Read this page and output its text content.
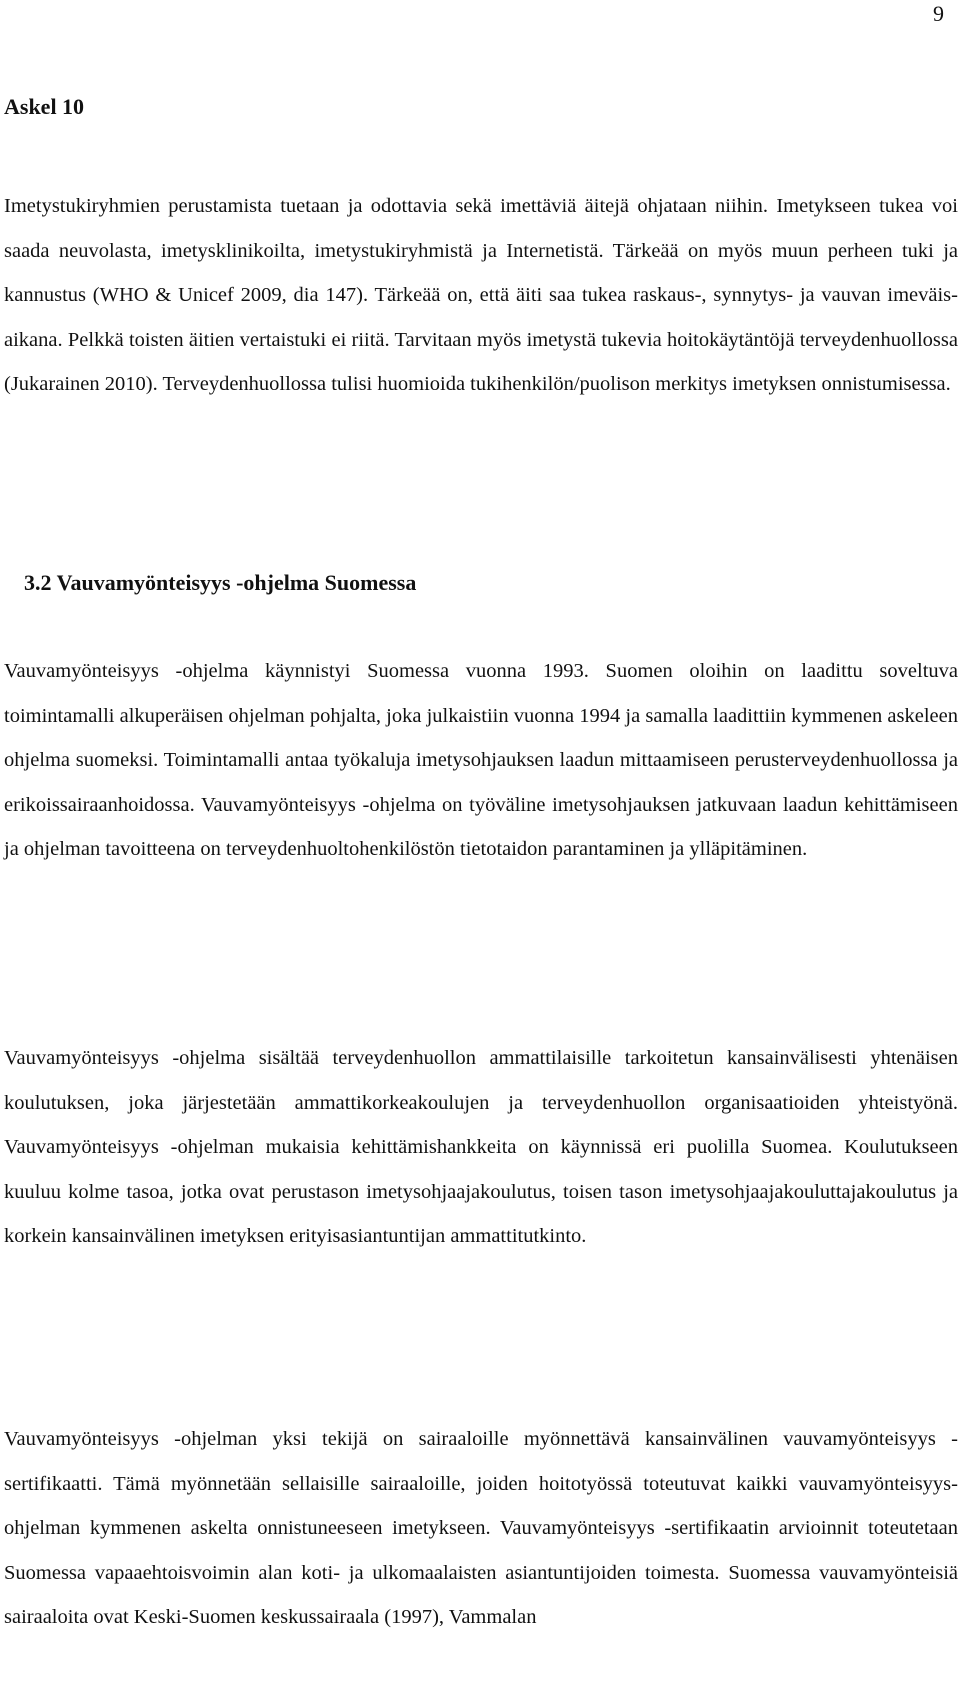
9
Askel 10

Imetystukiryhmien perustamista tuetaan ja odottavia sekä imettäviä äitejä ohjataan niihin. Imetykseen tukea voi saada neuvolasta, imetysklinikoilta, imetystukiryhmistä ja Internetistä. Tärkeää on myös muun perheen tuki ja kannustus (WHO & Unicef 2009, dia 147). Tärkeää on, että äiti saa tukea raskaus-, synnytys- ja vauvan imeväisaikana. Pelkkä toisten äitien vertaistuki ei riitä. Tarvitaan myös imetystä tukevia hoitokäytäntöjä terveydenhuollossa (Jukarainen 2010). Terveydenhuollossa tulisi huomioida tukihenkilön/puolison merkitys imetyksen onnistumisessa.

3.2 Vauvamyönteisyys -ohjelma Suomessa

Vauvamyönteisyys -ohjelma käynnistyi Suomessa vuonna 1993. Suomen oloihin on laadittu soveltuva toimintamalli alkuperäisen ohjelman pohjalta, joka julkaistiin vuonna 1994 ja samalla laadittiin kymmenen askeleen ohjelma suomeksi. Toimintamalli antaa työkaluja imetysohjauksen laadun mittaamiseen perusterveydenhuollossa ja erikoissairaanhoidossa. Vauvamyönteisyys -ohjelma on työväline imetysohjauksen jatkuvaan laadun kehittämiseen ja ohjelman tavoitteena on terveydenhuoltohenkilöstön tietotaidon parantaminen ja ylläpitäminen.

Vauvamyönteisyys -ohjelma sisältää terveydenhuollon ammattilaisille tarkoitetun kansainvälisesti yhtenäisen koulutuksen, joka järjestetään ammattikorkeakoulujen ja terveydenhuollon organisaatioiden yhteistyönä. Vauvamyönteisyys -ohjelman mukaisia kehittämishankkeita on käynnissä eri puolilla Suomea. Koulutukseen kuuluu kolme tasoa, jotka ovat perustason imetysohjaajakoulutus, toisen tason imetysohjaajakouluttajakoulutus ja korkein kansainvälinen imetyksen erityisasiantuntijan ammattitutkinto.

Vauvamyönteisyys -ohjelman yksi tekijä on sairaaloille myönnettävä kansainvälinen vauvamyönteisyys -sertifikaatti. Tämä myönnetään sellaisille sairaaloille, joiden hoitotyössä toteutuvat kaikki vauvamyönteisyys-ohjelman kymmenen askelta onnistuneeseen imetykseen. Vauvamyönteisyys -sertifikaatin arvioinnit toteutetaan Suomessa vapaaehtoisvoimin alan koti- ja ulkomaalaisten asiantuntijoiden toimesta. Suomessa vauvamyönteisiä sairaaloita ovat Keski-Suomen keskussairaala (1997), Vammalan
